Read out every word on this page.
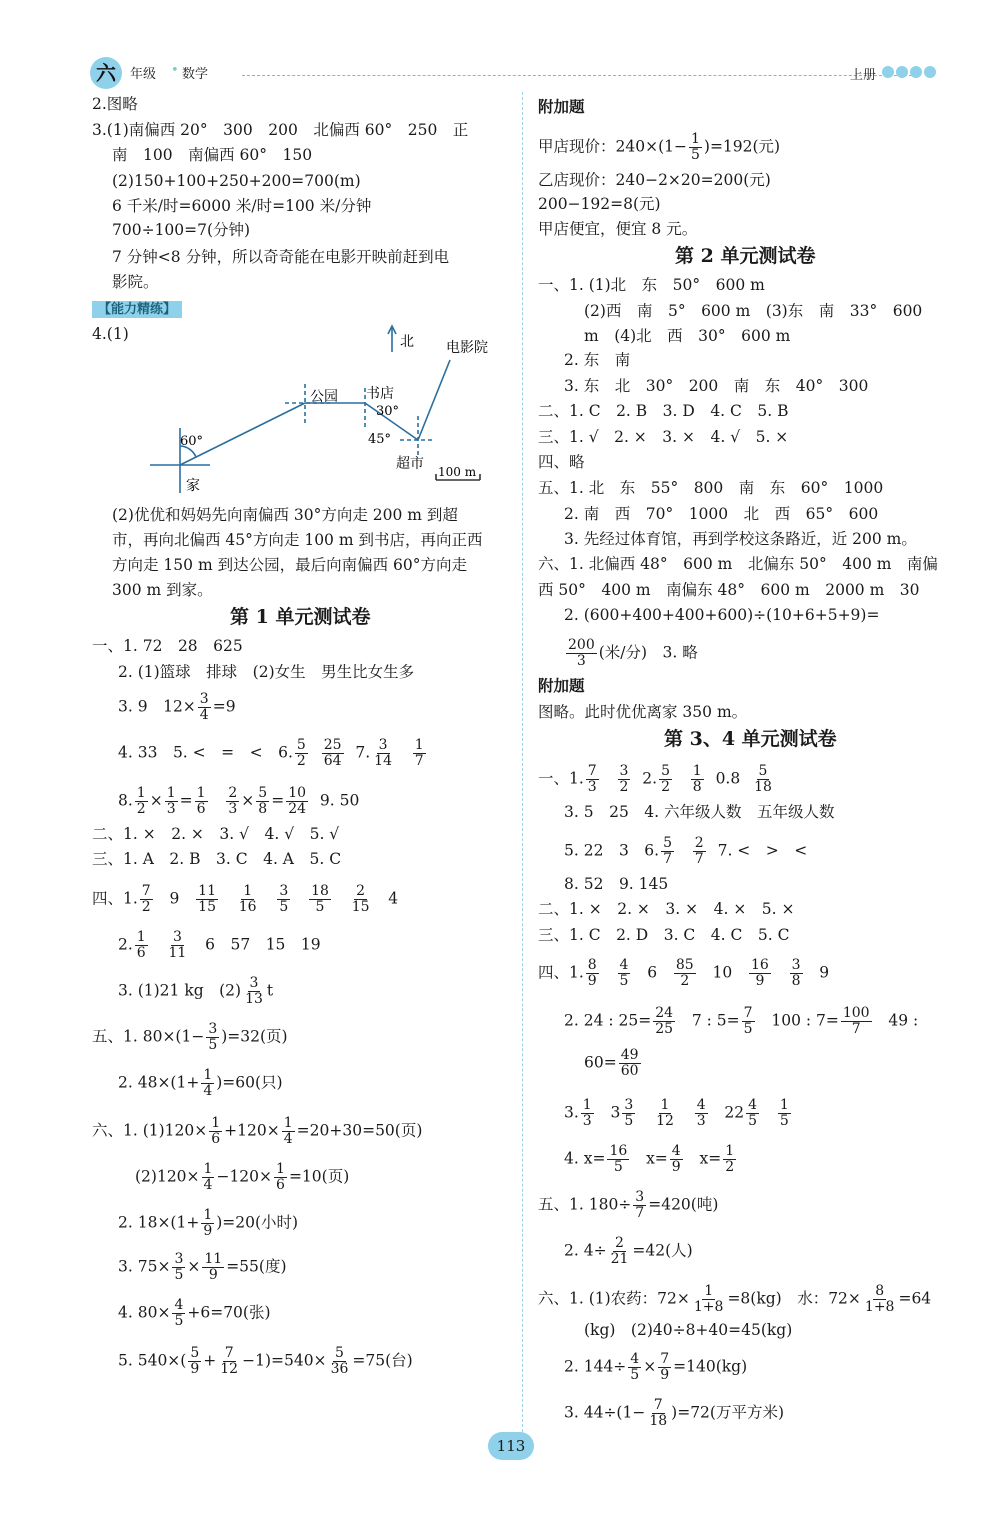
六	年级 • 数学	上册
2.图略
3.(1)南偏西 20°　300　200　北偏西 60°　250　正
南　100　南偏西 60°　150
(2)150+100+250+200=700(m)
6 千米/时=6000 米/时=100 米/分钟
700÷100=7(分钟)
7 分钟<8 分钟，所以奇奇能在电影开映前赶到电
影院。
【能力精练】
4.(1)	北 电影院
公园 书店
30°
45°
60°
超市
家
100 m
(2)优优和妈妈先向南偏西 30°方向走 200 m 到超
市，再向北偏西 45°方向走 100 m 到书店，再向正西
方向走 150 m 到达公园，最后向南偏西 60°方向走
300 m 到家。
第 1 单元测试卷
一、1. 72　28　625
2. (1)篮球　排球　(2)女生　男生比女生多
3. 9　$12\times \frac{3}{4} =9$
4. 33　5. <　=　<　6. $\frac{5}{2}$
$\frac{25}{64} 7$. $\frac{3}{14}$
$\frac{1}{7}$
8. $\frac{1}{2} \times \frac{1}{3} = \frac{1}{6}$
$\frac{2}{3} \times \frac{5}{8} = \frac{10}{24} 9$. 50
二、1. ×　2. ×　3. √　4. √　5. √
三、1. A　2. B　3. C　4. A　5. C
四、1. $\frac{7}{2} 9 \frac{11}{15}$
$\frac{1}{16}$
$\frac{3}{5}$
$\frac{18}{5}$
$\frac{2}{15} 4$
2. $\frac{1}{6}$
$\frac{3}{11} 6$　57　15　19
3. (1)21 kg　$(2) \frac{3}{13}$ t
五、1. $80\times(1- \frac{3}{5} )=32$(页)
2. $48\times(1+ \frac{1}{4} )=60$(只)
六、1. $(1)120\times \frac{1}{6} +120\times \frac{1}{4} =20+30=50$(页)
$(2)120\times \frac{1}{4} -120\times \frac{1}{6} =10$(页)
2. $18\times(1+ \frac{1}{9} )=20$(小时)
3. $75\times \frac{3}{5} \times \frac{11}{9} =55$(度)
4. $80\times \frac{4}{5} +6=70$(张)
5. $540\times( \frac{5}{9} + \frac{7}{12} -1)=540\times \frac{5}{36} =75$(台)
附加题
甲店现价：$240\times(1- \frac{1}{5} )=192$(元)
乙店现价：240−2×20=200(元)
200−192=8(元)
甲店便宜，便宜 8 元。
第 2 单元测试卷
一、1. (1)北　东　50°　600 m
(2)西　南　5°　600 m　(3)东　南　33°　600
m　(4)北　西　30°　600 m
2. 东　南
3. 东　北　30°　200　南　东　40°　300
二、1. C　2. B　3. D　4. C　5. B
三、1. √　2. ×　3. ×　4. √　5. ×
四、略
五、1. 北　东　55°　800　南　东　60°　1000
2. 南　西　70°　1000　北　西　65°　600
3. 先经过体育馆，再到学校这条路近，近 200 m。
六、1. 北偏西 48°　600 m　北偏东 50°　400 m　南偏
西 50°　400 m　南偏东 48°　600 m　2000 m　30
2. (600+400+400+600)÷(10+6+5+9)=
$\frac{200}{3}$ (米/分)　3. 略
附加题
图略。此时优优离家 350 m。
第 3、4 单元测试卷
一、1. $\frac{7}{3}$
$\frac{3}{2} 2$. $\frac{5}{2}$
$\frac{1}{8} 0.8 \frac{5}{18}$
3. 5　25　4. 六年级人数　五年级人数
5. 22　3　6. $\frac{5}{7}$
$\frac{2}{7} 7$. <　>　<
8. 52　9. 145
二、1. ×　2. ×　3. ×　4. ×　5. ×
三、1. C　2. D　3. C　4. C　5. C
四、1. $\frac{8}{9}$
$\frac{4}{5} 6 \frac{85}{2} 10 \frac{16}{9}$
$\frac{3}{8} 9$
2. 24 : $25= \frac{24}{25} 7$ : $5= \frac{7}{5} 100$ : $7= \frac{100}{7} 49$ :
$60= \frac{49}{60}$
3. $\frac{1}{3} 3 \frac{3}{5}$
$\frac{1}{12}$
$\frac{4}{3} 22 \frac{4}{5}$
$\frac{1}{5}$
4. $x= \frac{16}{5} x= \frac{4}{9} x= \frac{1}{2}$
五、1. $180\div \frac{3}{7} =420$(吨)
2. $4\div \frac{2}{21} =42$(人)
六、1. (1)农药：$72\times \frac{1}{1+8} =8(kg)$　水：$72\times \frac{8}{1+8} =64$
(kg)　(2)40÷8+40=45(kg)
2. $144\div \frac{4}{5} \times \frac{7}{9} =140(kg)$
3. $44\div(1- \frac{7}{18} )=72$(万平方米)
113
